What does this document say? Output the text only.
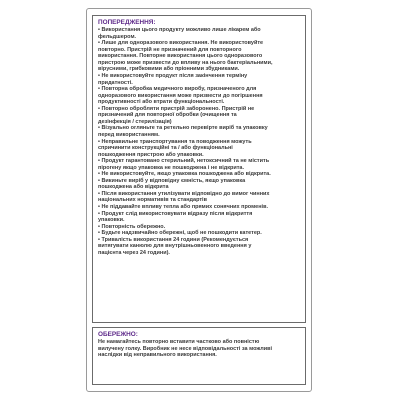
ПОПЕРЕДЖЕННЯ:
• Використання цього продукту можливо лише лікарем або
фельдшером.
• Лише для одноразового використання. Не використовуйте
повторно. Пристрій не призначений для повторного
використання. Повторне використання цього одноразового
пристрою може призвести до впливу на нього бактеріальними,
вірусними, грибковими або пріонними збудниками.
• Не використовуйте продукт після закінчення терміну
придатності.
• Повторна обробка медичного виробу, призначеного для
одноразового використання може призвести до погіршення
продуктивності або втрати функціональності.
• Повторно обробляти пристрій заборонено. Пристрій не
призначений для повторної обробки (очищення та
дезінфекція / стерилізація)
• Візуально огляньте та ретельно перевірте виріб та упаковку
перед використанням.
• Неправильне транспортування та поводження можуть
спричинити конструкційні та / або функціональні
пошкодження пристрою або упаковки.
• Продукт гарантовано стерильний, нетоксичний та не містить
пірогену якщо упаковка не пошкоджена і не відкрита.
• Не використовуйте, якщо упаковка пошкоджена або відкрита.
• Викиньте виріб у відповідну ємність, якщо упаковка
пошкоджена або відкрита
• Після використання утилізувати відповідно до вимог чинних
національних нормативів та стандартів
• Не піддавайте впливу тепла або прямих сонячних променів.
• Продукт слід використовувати відразу після відкриття
упаковки.
• Повторність обережно.
• Будьте надзвичайно обережні, щоб не пошкодити катетер.
• Тривалість використання 24 години (Рекомендується
витягувати канюлю для внутрішньовенного введення у
пацієнта через 24 години).
ОБЕРЕЖНО:
Не намагайтесь повторно вставити частково або повністю
вилучену голку. Виробник не несе відповідальності за можливі
наслідки від неправильного використання.
